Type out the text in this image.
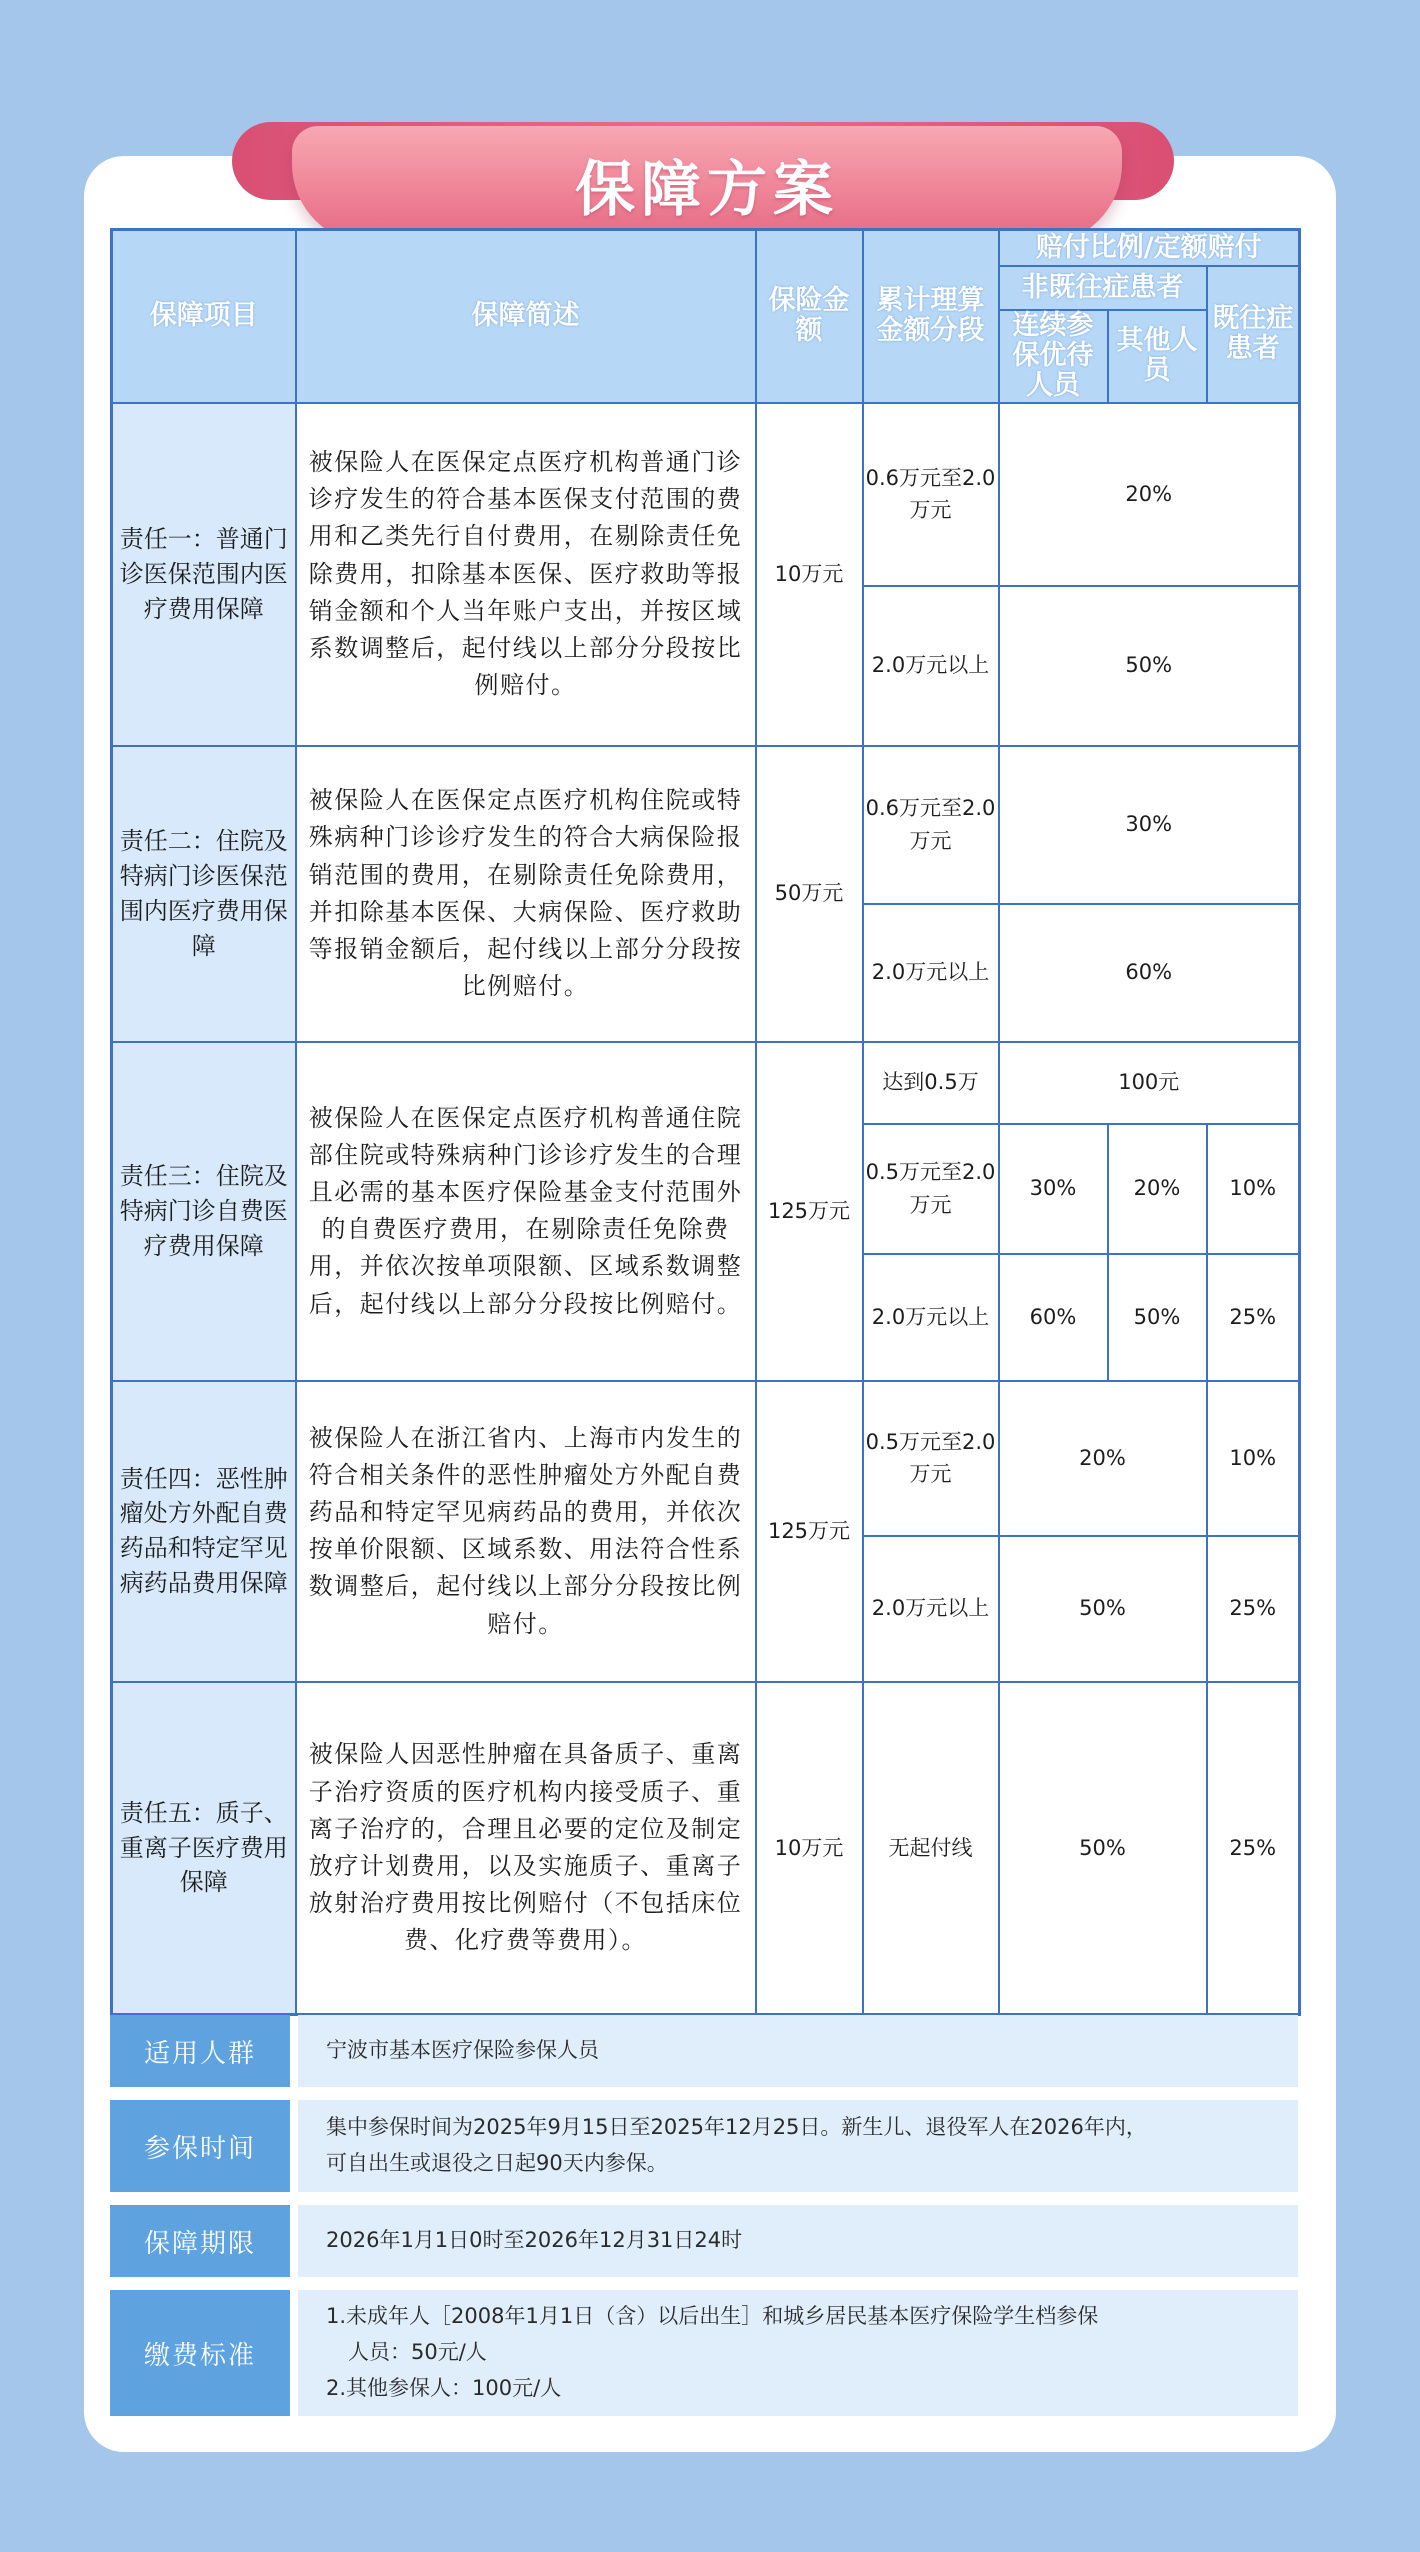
保障方案
保障项目	保障简述	保险金额	累计理算金额分段	赔付比例/定额赔付		
				非既往症患者		既往症患者
				连续参保优待人员	其他人员	
责任一：普通门诊医保范围内医疗费用保障	被保险人在医保定点医疗机构普通门诊诊疗发生的符合基本医保支付范围的费用和乙类先行自付费用，在剔除责任免除费用，扣除基本医保、医疗救助等报销金额和个人当年账户支出，并按区域系数调整后，起付线以上部分分段按比例赔付。	10万元	0.6万元至2.0万元	20%		
			2.0万元以上	50%		
责任二：住院及特病门诊医保范围内医疗费用保障	被保险人在医保定点医疗机构住院或特殊病种门诊诊疗发生的符合大病保险报销范围的费用，在剔除责任免除费用，并扣除基本医保、大病保险、医疗救助等报销金额后，起付线以上部分分段按比例赔付。	50万元	0.6万元至2.0万元	30%		
			2.0万元以上	60%		
责任三：住院及特病门诊自费医疗费用保障	被保险人在医保定点医疗机构普通住院部住院或特殊病种门诊诊疗发生的合理且必需的基本医疗保险基金支付范围外的自费医疗费用，在剔除责任免除费用，并依次按单项限额、区域系数调整后，起付线以上部分分段按比例赔付。	125万元	达到0.5万	100元		
			0.5万元至2.0万元	30%	20%	10%
			2.0万元以上	60%	50%	25%
责任四：恶性肿瘤处方外配自费药品和特定罕见病药品费用保障	被保险人在浙江省内、上海市内发生的符合相关条件的恶性肿瘤处方外配自费药品和特定罕见病药品的费用，并依次按单价限额、区域系数、用法符合性系数调整后，起付线以上部分分段按比例赔付。	125万元	0.5万元至2.0万元	20%		10%
			2.0万元以上	50%		25%
责任五：质子、重离子医疗费用保障	被保险人因恶性肿瘤在具备质子、重离子治疗资质的医疗机构内接受质子、重离子治疗的，合理且必要的定位及制定放疗计划费用，以及实施质子、重离子放射治疗费用按比例赔付（不包括床位费、化疗费等费用）。	10万元	无起付线	50%		25%
适用人群	宁波市基本医疗保险参保人员
参保时间
集中参保时间为2025年9月15日至2025年12月25日。新生儿、退役军人在2026年内，
可自出生或退役之日起90天内参保。
保障期限	2026年1月1日0时至2026年12月31日24时
缴费标准
1.未成年人［2008年1月1日（含）以后出生］和城乡居民基本医疗保险学生档参保
人员：50元/人
2.其他参保人：100元/人
